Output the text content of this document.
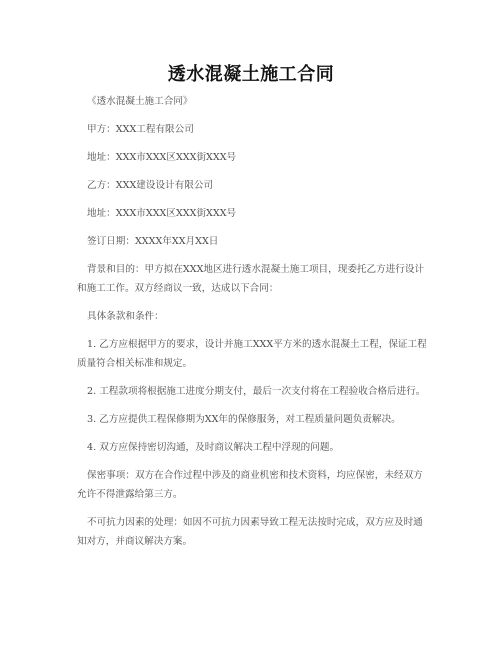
透水混凝土施工合同

《透水混凝土施工合同》

甲方：XXX工程有限公司

地址：XXX市XXX区XXX街XXX号

乙方：XXX建设设计有限公司

地址：XXX市XXX区XXX街XXX号

签订日期：XXXX年XX月XX日

背景和目的：甲方拟在XXX地区进行透水混凝土施工项目，现委托乙方进行设计和施工工作。双方经商议一致，达成以下合同：

具体条款和条件：

1. 乙方应根据甲方的要求，设计并施工XXX平方米的透水混凝土工程，保证工程质量符合相关标准和规定。

2. 工程款项将根据施工进度分期支付，最后一次支付将在工程验收合格后进行。

3. 乙方应提供工程保修期为XX年的保修服务，对工程质量问题负责解决。

4. 双方应保持密切沟通，及时商议解决工程中浮现的问题。

保密事项：双方在合作过程中涉及的商业机密和技术资料，均应保密，未经双方允许不得泄露给第三方。

不可抗力因素的处理：如因不可抗力因素导致工程无法按时完成，双方应及时通知对方，并商议解决方案。
